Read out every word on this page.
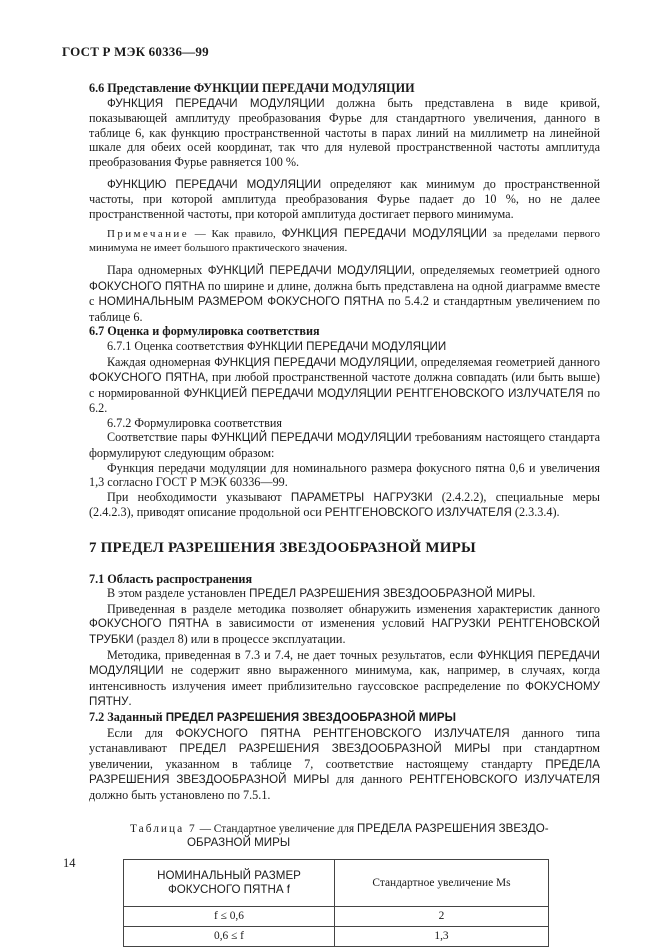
ГОСТ Р МЭК 60336—99

6.6 Представление ФУНКЦИИ ПЕРЕДАЧИ МОДУЛЯЦИИ

ФУНКЦИЯ ПЕРЕДАЧИ МОДУЛЯЦИИ должна быть представлена в виде кривой, показывающей амплитуду преобразования Фурье для стандартного увеличения, данного в таблице 6, как функцию пространственной частоты в парах линий на миллиметр на линейной шкале для обеих осей координат, так что для нулевой пространственной частоты амплитуда преобразования Фурье равняется 100 %.

ФУНКЦИЮ ПЕРЕДАЧИ МОДУЛЯЦИИ определяют как минимум до пространственной частоты, при которой амплитуда преобразования Фурье падает до 10 %, но не далее пространственной частоты, при которой амплитуда достигает первого минимума.

Примечание — Как правило, ФУНКЦИЯ ПЕРЕДАЧИ МОДУЛЯЦИИ за пределами первого минимума не имеет большого практического значения.

Пара одномерных ФУНКЦИЙ ПЕРЕДАЧИ МОДУЛЯЦИИ, определяемых геометрией одного ФОКУСНОГО ПЯТНА по ширине и длине, должна быть представлена на одной диаграмме вместе с НОМИНАЛЬНЫМ РАЗМЕРОМ ФОКУСНОГО ПЯТНА по 5.4.2 и стандартным увеличением по таблице 6.

6.7 Оценка и формулировка соответствия

6.7.1 Оценка соответствия ФУНКЦИИ ПЕРЕДАЧИ МОДУЛЯЦИИ

Каждая одномерная ФУНКЦИЯ ПЕРЕДАЧИ МОДУЛЯЦИИ, определяемая геометрией данного ФОКУСНОГО ПЯТНА, при любой пространственной частоте должна совпадать (или быть выше) с нормированной ФУНКЦИЕЙ ПЕРЕДАЧИ МОДУЛЯЦИИ РЕНТГЕНОВСКОГО ИЗЛУЧАТЕЛЯ по 6.2.

6.7.2 Формулировка соответствия

Соответствие пары ФУНКЦИЙ ПЕРЕДАЧИ МОДУЛЯЦИИ требованиям настоящего стандарта формулируют следующим образом:

Функция передачи модуляции для номинального размера фокусного пятна 0,6 и увеличения 1,3 согласно ГОСТ Р МЭК 60336—99.

При необходимости указывают ПАРАМЕТРЫ НАГРУЗКИ (2.4.2.2), специальные меры (2.4.2.3), приводят описание продольной оси РЕНТГЕНОВСКОГО ИЗЛУЧАТЕЛЯ (2.3.3.4).

7 ПРЕДЕЛ РАЗРЕШЕНИЯ ЗВЕЗДООБРАЗНОЙ МИРЫ

7.1 Область распространения

В этом разделе установлен ПРЕДЕЛ РАЗРЕШЕНИЯ ЗВЕЗДООБРАЗНОЙ МИРЫ.

Приведенная в разделе методика позволяет обнаружить изменения характеристик данного ФОКУСНОГО ПЯТНА в зависимости от изменения условий НАГРУЗКИ РЕНТГЕНОВСКОЙ ТРУБКИ (раздел 8) или в процессе эксплуатации.

Методика, приведенная в 7.3 и 7.4, не дает точных результатов, если ФУНКЦИЯ ПЕРЕДАЧИ МОДУЛЯЦИИ не содержит явно выраженного минимума, как, например, в случаях, когда интенсивность излучения имеет приблизительно гауссовское распределение по ФОКУСНОМУ ПЯТНУ.

7.2 Заданный ПРЕДЕЛ РАЗРЕШЕНИЯ ЗВЕЗДООБРАЗНОЙ МИРЫ

Если для ФОКУСНОГО ПЯТНА РЕНТГЕНОВСКОГО ИЗЛУЧАТЕЛЯ данного типа устанавливают ПРЕДЕЛ РАЗРЕШЕНИЯ ЗВЕЗДООБРАЗНОЙ МИРЫ при стандартном увеличении, указанном в таблице 7, соответствие настоящему стандарту ПРЕДЕЛА РАЗРЕШЕНИЯ ЗВЕЗДООБРАЗНОЙ МИРЫ для данного РЕНТГЕНОВСКОГО ИЗЛУЧАТЕЛЯ должно быть установлено по 7.5.1.

Таблица 7 — Стандартное увеличение для ПРЕДЕЛА РАЗРЕШЕНИЯ ЗВЕЗДО-
ОБРАЗНОЙ МИРЫ

НОМИНАЛЬНЫЙ РАЗМЕР ФОКУСНОГО ПЯТНА f	Стандартное увеличение Ms
f ≤ 0,6	2
0,6 ≤ f	1,3
14
